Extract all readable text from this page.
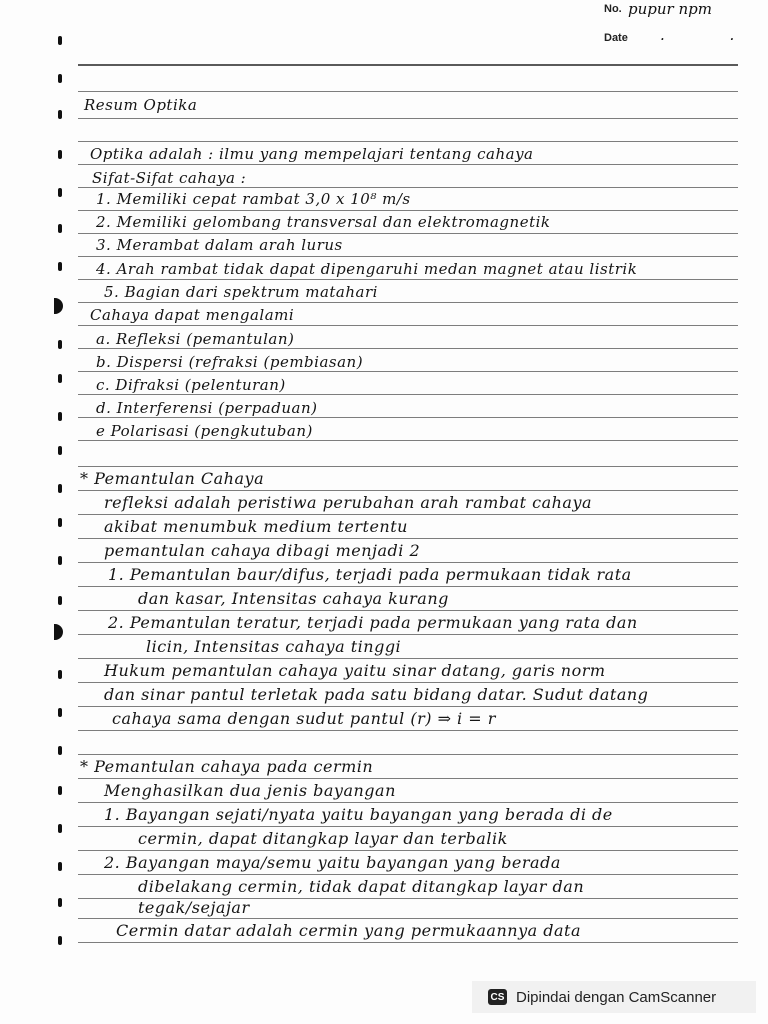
No. pupur npm
Date . .
Resum Optika
Optika adalah : ilmu yang mempelajari tentang cahaya
Sifat-Sifat cahaya :
1. Memiliki cepat rambat 3,0 x 10⁸ m/s
2. Memiliki gelombang transversal dan elektromagnetik
3. Merambat dalam arah lurus
4. Arah rambat tidak dapat dipengaruhi medan magnet atau listrik
5. Bagian dari spektrum matahari
Cahaya dapat mengalami
a. Refleksi (pemantulan)
b. Dispersi (refraksi (pembiasan)
c. Difraksi (pelenturan)
d. Interferensi (perpaduan)
e Polarisasi (pengkutuban)
* Pemantulan Cahaya
refleksi adalah peristiwa perubahan arah rambat cahaya
akibat menumbuk medium tertentu
pemantulan cahaya dibagi menjadi 2
1. Pemantulan baur/difus, terjadi pada permukaan tidak rata
dan kasar, Intensitas cahaya kurang
2. Pemantulan teratur, terjadi pada permukaan yang rata dan
licin, Intensitas cahaya tinggi
Hukum pemantulan cahaya yaitu sinar datang, garis norm
dan sinar pantul terletak pada satu bidang datar. Sudut datang
cahaya sama dengan sudut pantul (r) ⇒ i = r
* Pemantulan cahaya pada cermin
Menghasilkan dua jenis bayangan
1. Bayangan sejati/nyata yaitu bayangan yang berada di de
cermin, dapat ditangkap layar dan terbalik
2. Bayangan maya/semu yaitu bayangan yang berada
dibelakang cermin, tidak dapat ditangkap layar dan
tegak/sejajar
Cermin datar adalah cermin yang permukaannya data
CS Dipindai dengan CamScanner
